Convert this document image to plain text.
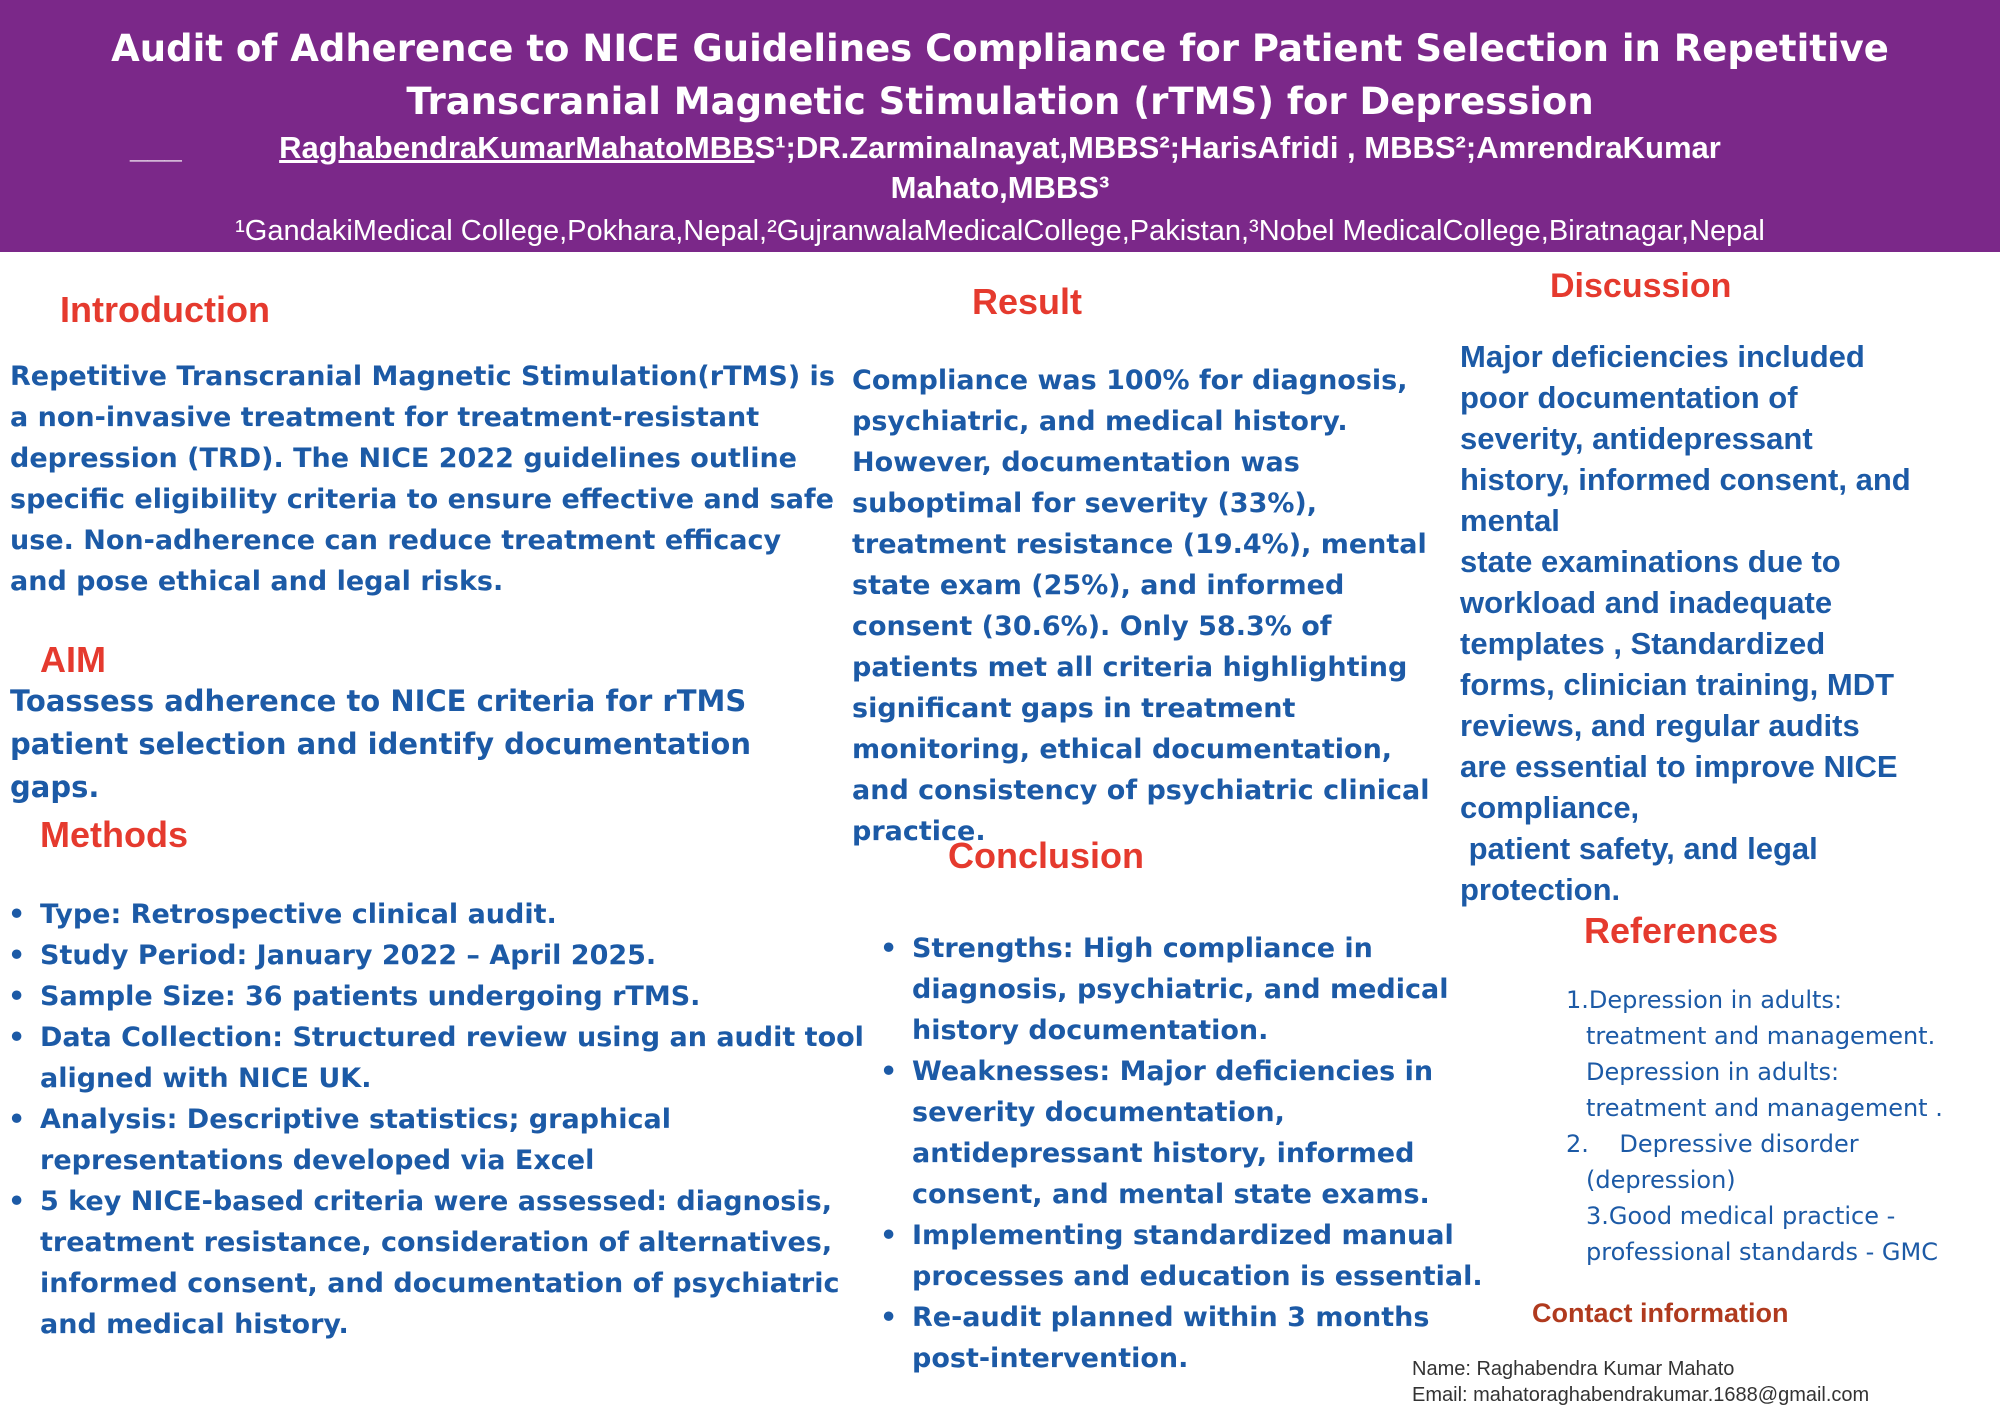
Audit of Adherence to NICE Guidelines Compliance for Patient Selection in Repetitive Transcranial Magnetic Stimulation (rTMS) for Depression
___	RaghabendraKumarMahatoMBBS¹;DR.ZarminaInayat,MBBS²;HarisAfridi , MBBS²;AmrendraKumar
Mahato,MBBS³
¹GandakiMedical College,Pokhara,Nepal,²GujranwalaMedicalCollege,Pakistan,³Nobel MedicalCollege,Biratnagar,Nepal
Introduction
Repetitive Transcranial Magnetic Stimulation(rTMS) is a non-invasive treatment for treatment-resistant depression (TRD). The NICE 2022 guidelines outline specific eligibility criteria to ensure effective and safe use. Non-adherence can reduce treatment efficacy and pose ethical and legal risks.
AIM
Toassess adherence to NICE criteria for rTMS patient selection and identify documentation gaps.
Methods
• Type: Retrospective clinical audit.
• Study Period: January 2022 – April 2025.
• Sample Size: 36 patients undergoing rTMS.
• Data Collection: Structured review using an audit tool aligned with NICE UK.
• Analysis: Descriptive statistics; graphical representations developed via Excel
• 5 key NICE-based criteria were assessed: diagnosis, treatment resistance, consideration of alternatives, informed consent, and documentation of psychiatric and medical history.
Result
Compliance was 100% for diagnosis, psychiatric, and medical history. However, documentation was suboptimal for severity (33%), treatment resistance (19.4%), mental state exam (25%), and informed consent (30.6%). Only 58.3% of patients met all criteria highlighting significant gaps in treatment monitoring, ethical documentation, and consistency of psychiatric clinical practice.
Conclusion
• Strengths: High compliance in diagnosis, psychiatric, and medical history documentation.
• Weaknesses: Major deficiencies in severity documentation, antidepressant history, informed consent, and mental state exams.
• Implementing standardized manual processes and education is essential.
• Re-audit planned within 3 months post-intervention.
Discussion
Major deficiencies included
poor documentation of
severity, antidepressant
history, informed consent, and
mental
state examinations due to
workload and inadequate
templates , Standardized
forms, clinician training, MDT
reviews, and regular audits
are essential to improve NICE
compliance,
patient safety, and legal
protection.
References
1.Depression in adults:
treatment and management.
Depression in adults:
treatment and management .
2.    Depressive disorder
(depression)
3.Good medical practice -
professional standards - GMC
Contact information
Name: Raghabendra Kumar Mahato
Email: mahatoraghabendrakumar.1688@gmail.com
